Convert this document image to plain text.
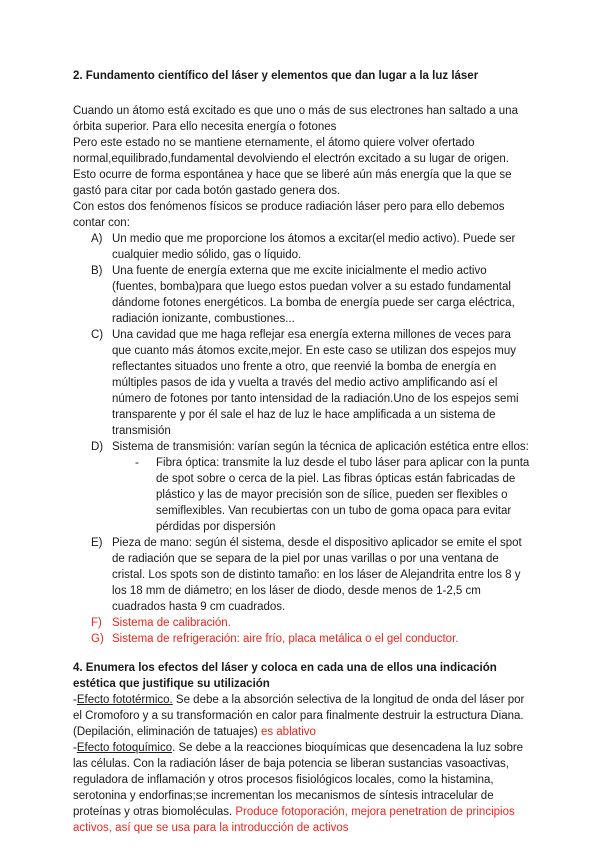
2. Fundamento científico del láser y elementos que dan lugar a la luz láser

Cuando un átomo está excitado es que uno o más de sus electrones han saltado a una órbita superior. Para ello necesita energía o fotones

Pero este estado no se mantiene eternamente, el átomo quiere volver ofertado normal,equilibrado,fundamental devolviendo el electrón excitado a su lugar de origen. Esto ocurre de forma espontánea y hace que se liberé aún más energía que la que se gastó para citar por cada botón gastado genera dos.

Con estos dos fenómenos físicos se produce radiación láser pero para ello debemos contar con:

A) Un medio que me proporcione los átomos a excitar(el medio activo). Puede ser cualquier medio sólido, gas o líquido.
B) Una fuente de energía externa que me excite inicialmente el medio activo (fuentes, bomba)para que luego estos puedan volver a su estado fundamental dándome fotones energéticos. La bomba de energía puede ser carga eléctrica, radiación ionizante, combustiones...
C) Una cavidad que me haga reflejar esa energía externa millones de veces para que cuanto más átomos excite,mejor. En este caso se utilizan dos espejos muy reflectantes situados uno frente a otro, que reenvié la bomba de energía en múltiples pasos de ida y vuelta a través del medio activo amplificando así el número de fotones por tanto intensidad de la radiación.Uno de los espejos semi transparente y por él sale el haz de luz le hace amplificada a un sistema de transmisión
D) Sistema de transmisión: varían según la técnica de aplicación estética entre ellos:
-	Fibra óptica: transmite la luz desde el tubo láser para aplicar con la punta de spot sobre o cerca de la piel. Las fibras ópticas están fabricadas de plástico y las de mayor precisión son de sílice, pueden ser flexibles o semiflexibles. Van recubiertas con un tubo de goma opaca para evitar pérdidas por dispersión
E) Pieza de mano: según él sistema, desde el dispositivo aplicador se emite el spot de radiación que se separa de la piel por unas varillas o por una ventana de cristal. Los spots son de distinto tamaño: en los láser de Alejandrita entre los 8 y los 18 mm de diámetro; en los láser de diodo, desde menos de 1-2,5 cm cuadrados hasta 9 cm cuadrados.
F) Sistema de calibración.
G) Sistema de refrigeración: aire frío, placa metálica o el gel conductor.

4. Enumera los efectos del láser y coloca en cada una de ellos una indicación estética que justifique su utilización

-Efecto fototérmico. Se debe a la absorción selectiva de la longitud de onda del láser por el Cromoforo y a su transformación en calor para finalmente destruir la estructura Diana. (Depilación, eliminación de tatuajes) es ablativo

-Efecto fotoquímico. Se debe a la reacciones bioquímicas que desencadena la luz sobre las células. Con la radiación láser de baja potencia se liberan sustancias vasoactivas, reguladora de inflamación y otros procesos fisiológicos locales, como la histamina, serotonina y endorfinas;se incrementan los mecanismos de síntesis intracelular de proteínas y otras biomoléculas. Produce fotoporación, mejora penetration de principios activos, así que se usa para la introducción de activos
